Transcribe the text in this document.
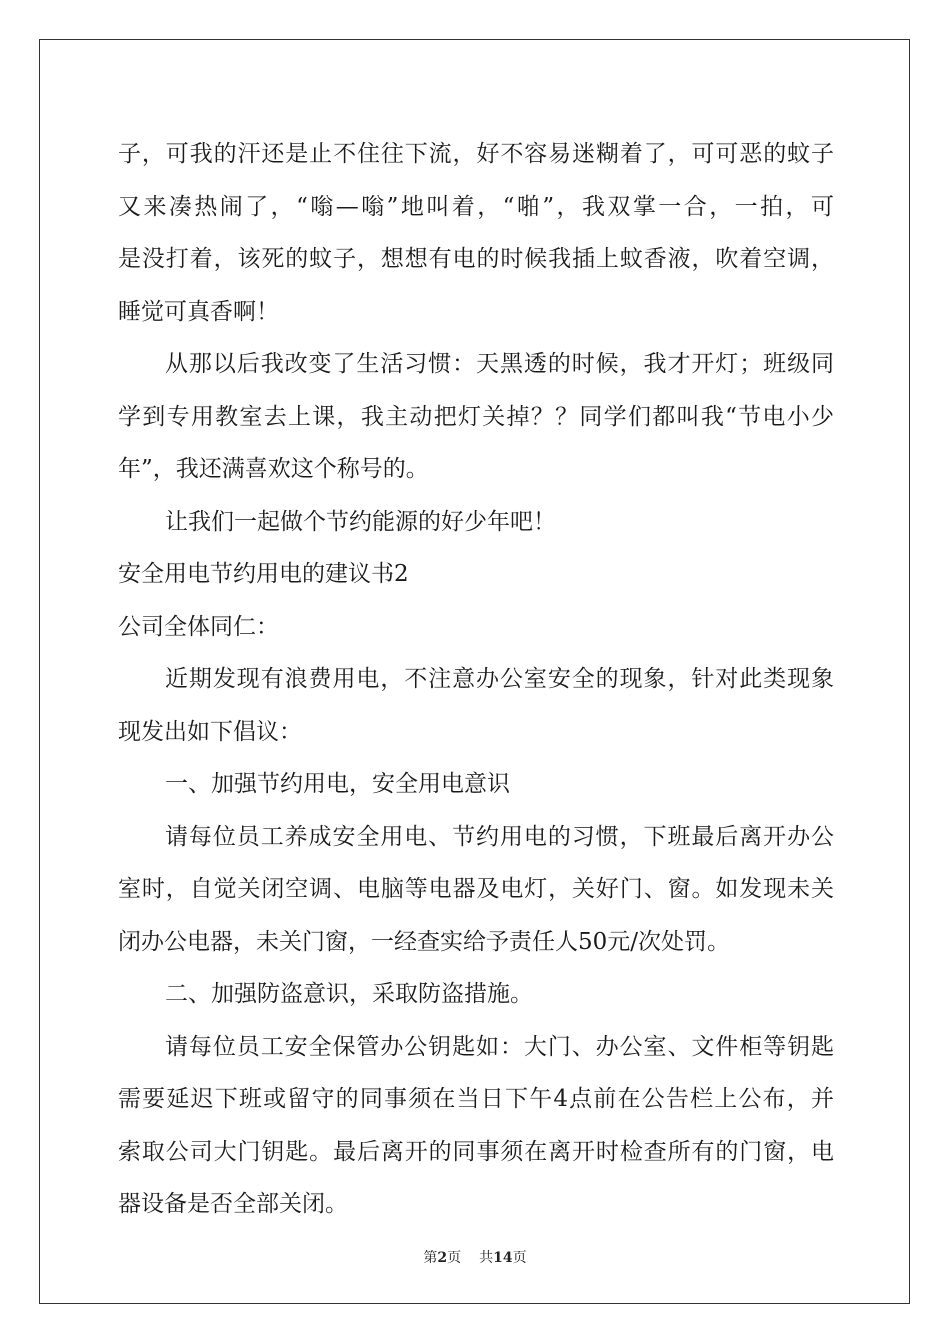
子，可我的汗还是止不住往下流，好不容易迷糊着了，可可恶的蚊子
又来凑热闹了，“嗡—嗡”地叫着，“啪”，我双掌一合，一拍，可
是没打着，该死的蚊子，想想有电的时候我插上蚊香液，吹着空调，
睡觉可真香啊！
从那以后我改变了生活习惯：天黑透的时候，我才开灯；班级同
学到专用教室去上课，我主动把灯关掉？？同学们都叫我“节电小少
年”，我还满喜欢这个称号的。
让我们一起做个节约能源的好少年吧！
安全用电节约用电的建议书2
公司全体同仁：
近期发现有浪费用电，不注意办公室安全的现象，针对此类现象
现发出如下倡议：
一、加强节约用电，安全用电意识
请每位员工养成安全用电、节约用电的习惯，下班最后离开办公
室时，自觉关闭空调、电脑等电器及电灯，关好门、窗。如发现未关
闭办公电器，未关门窗，一经查实给予责任人50元/次处罚。
二、加强防盗意识，采取防盗措施。
请每位员工安全保管办公钥匙如：大门、办公室、文件柜等钥匙
需要延迟下班或留守的同事须在当日下午4点前在公告栏上公布，并
索取公司大门钥匙。最后离开的同事须在离开时检查所有的门窗，电
器设备是否全部关闭。
第2页 共14页
